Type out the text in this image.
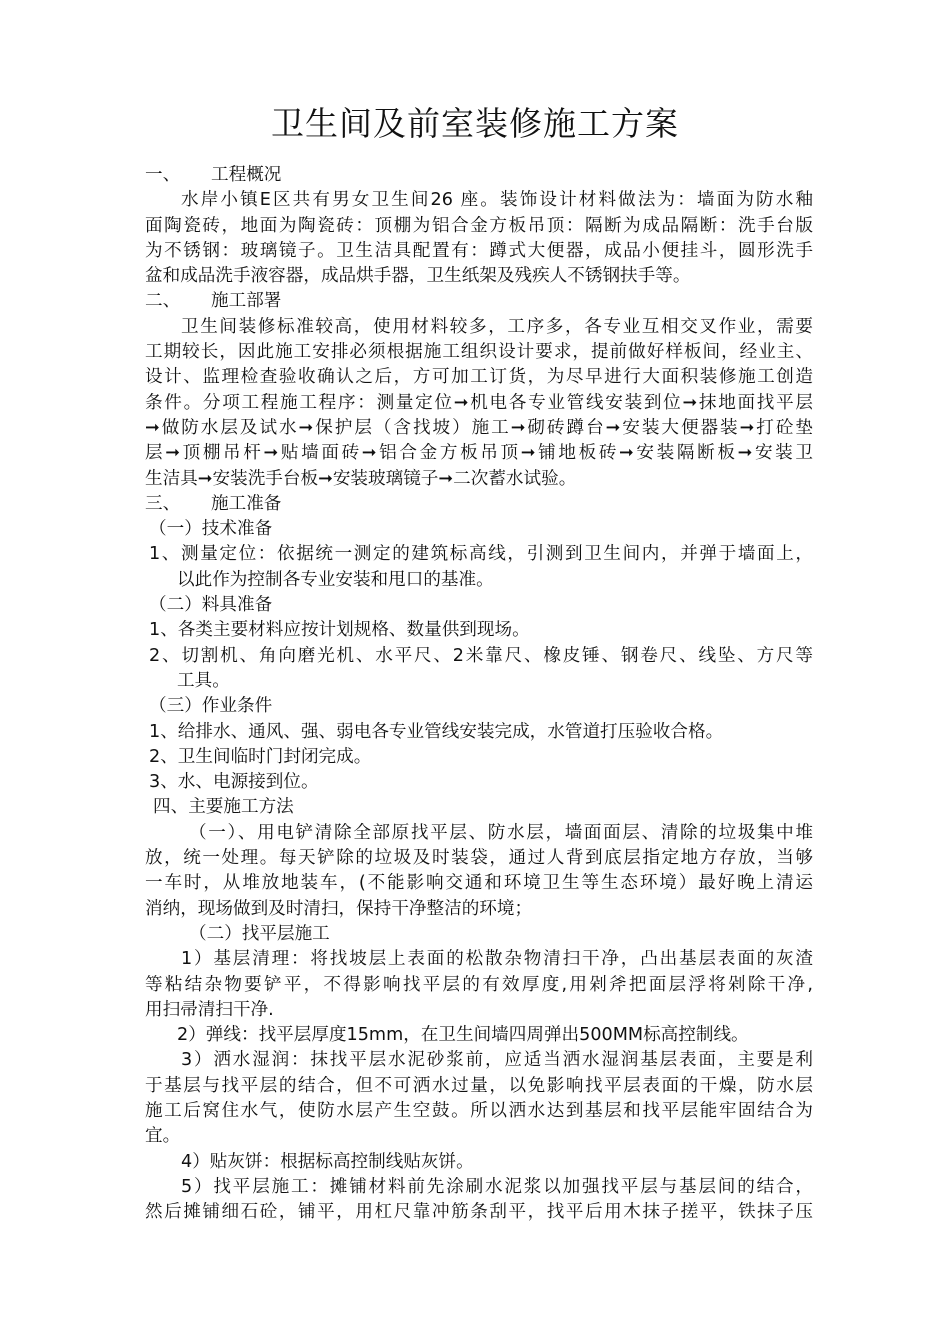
卫生间及前室装修施工方案
一、 工程概况
水岸小镇E区共有男女卫生间26 座。装饰设计材料做法为：墙面为防水釉
面陶瓷砖，地面为陶瓷砖：顶棚为铝合金方板吊顶：隔断为成品隔断：洗手台版
为不锈钢：玻璃镜子。卫生洁具配置有：蹲式大便器，成品小便挂斗，圆形洗手
盆和成品洗手液容器，成品烘手器，卫生纸架及残疾人不锈钢扶手等。
二、 施工部署
卫生间装修标准较高，使用材料较多，工序多，各专业互相交叉作业，需要
工期较长，因此施工安排必须根据施工组织设计要求，提前做好样板间，经业主、
设计、监理检查验收确认之后，方可加工订货，为尽早进行大面积装修施工创造
条件。分项工程施工程序：测量定位➞机电各专业管线安装到位➞抹地面找平层
➞做防水层及试水➞保护层（含找坡）施工➞砌砖蹲台➞安装大便器装➞打砼垫
层➞顶棚吊杆➞贴墙面砖➞铝合金方板吊顶➞铺地板砖➞安装隔断板➞安装卫
生洁具➞安装洗手台板➞安装玻璃镜子➞二次蓄水试验。
三、 施工准备
（一）技术准备
1、测量定位：依据统一测定的建筑标高线，引测到卫生间内，并弹于墙面上，
以此作为控制各专业安装和甩口的基准。
（二）料具准备
1、各类主要材料应按计划规格、数量供到现场。
2、切割机、角向磨光机、水平尺、2米靠尺、橡皮锤、钢卷尺、线坠、方尺等
工具。
（三）作业条件
1、给排水、通风、强、弱电各专业管线安装完成，水管道打压验收合格。
2、卫生间临时门封闭完成。
3、水、电源接到位。
四、主要施工方法
（一）、用电铲清除全部原找平层、防水层，墙面面层、清除的垃圾集中堆
放，统一处理。每天铲除的垃圾及时装袋，通过人背到底层指定地方存放，当够
一车时，从堆放地装车，(不能影响交通和环境卫生等生态环境）最好晚上清运
消纳，现场做到及时清扫，保持干净整洁的环境；
（二）找平层施工
1）基层清理：将找坡层上表面的松散杂物清扫干净，凸出基层表面的灰渣
等粘结杂物要铲平，不得影响找平层的有效厚度,用剁斧把面层浮将剁除干净,
用扫帚清扫干净.
2）弹线：找平层厚度15mm，在卫生间墙四周弹出500MM标高控制线。
3）洒水湿润：抹找平层水泥砂浆前，应适当洒水湿润基层表面，主要是利
于基层与找平层的结合，但不可洒水过量，以免影响找平层表面的干燥，防水层
施工后窝住水气，使防水层产生空鼓。所以洒水达到基层和找平层能牢固结合为
宜。
4）贴灰饼：根据标高控制线贴灰饼。
5）找平层施工：摊铺材料前先涂刷水泥浆以加强找平层与基层间的结合，
然后摊铺细石砼，铺平，用杠尺靠冲筋条刮平，找平后用木抹子搓平，铁抹子压
